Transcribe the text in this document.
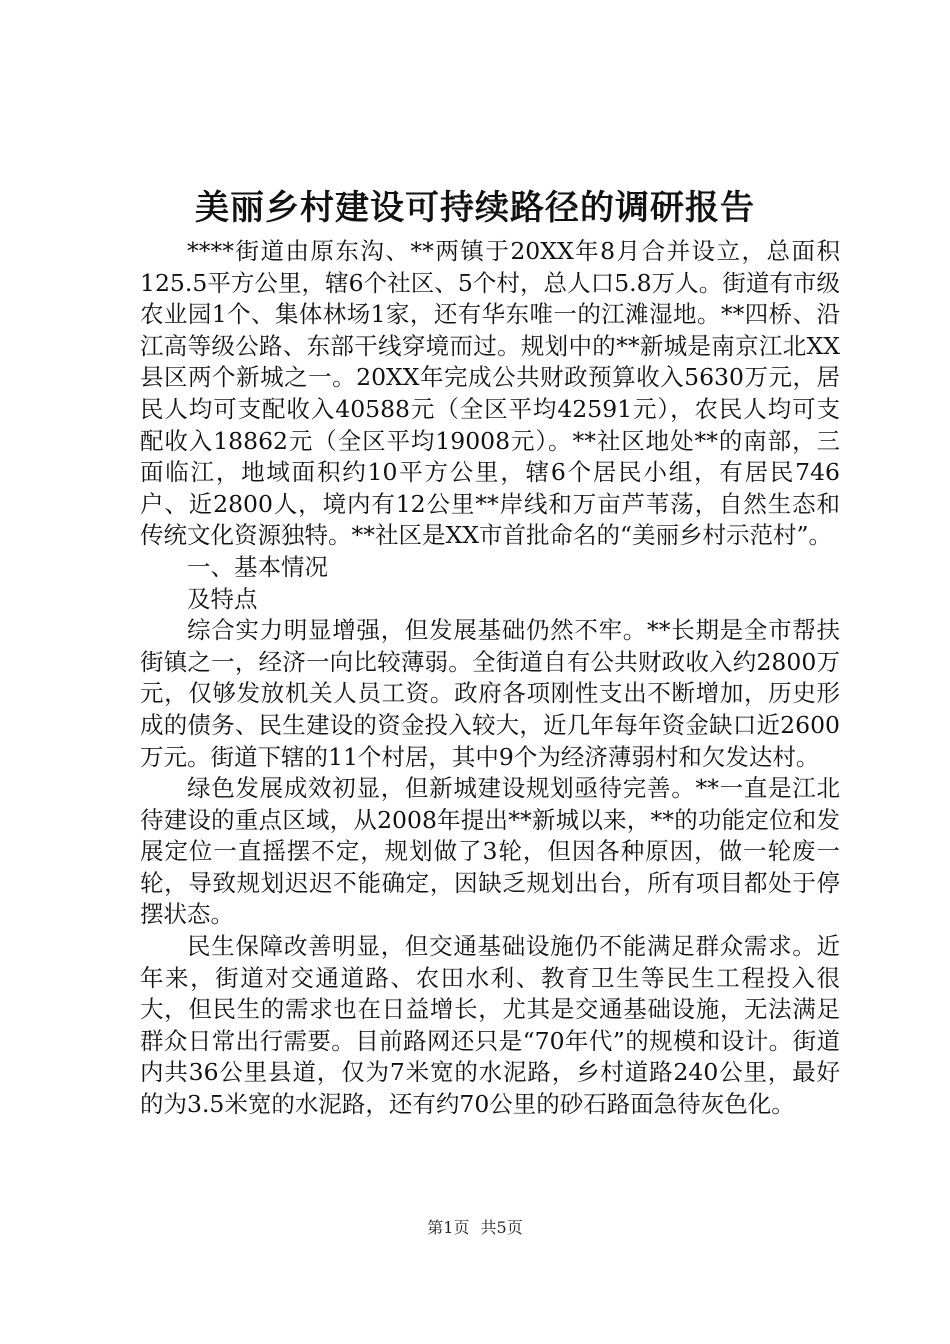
美丽乡村建设可持续路径的调研报告

****街道由原东沟、**两镇于20XX年8月合并设立，总面积125.5平方公里，辖6个社区、5个村，总人口5.8万人。街道有市级农业园1个、集体林场1家，还有华东唯一的江滩湿地。**四桥、沿江高等级公路、东部干线穿境而过。规划中的**新城是南京江北XX县区两个新城之一。20XX年完成公共财政预算收入5630万元，居民人均可支配收入40588元（全区平均42591元），农民人均可支配收入18862元（全区平均19008元）。**社区地处**的南部，三面临江，地域面积约10平方公里，辖6个居民小组，有居民746户、近2800人，境内有12公里**岸线和万亩芦苇荡，自然生态和传统文化资源独特。**社区是XX市首批命名的“美丽乡村示范村”。

一、基本情况

及特点

综合实力明显增强，但发展基础仍然不牢。**长期是全市帮扶街镇之一，经济一向比较薄弱。全街道自有公共财政收入约2800万元，仅够发放机关人员工资。政府各项刚性支出不断增加，历史形成的债务、民生建设的资金投入较大，近几年每年资金缺口近2600万元。街道下辖的11个村居，其中9个为经济薄弱村和欠发达村。

绿色发展成效初显，但新城建设规划亟待完善。**一直是江北待建设的重点区域，从2008年提出**新城以来，**的功能定位和发展定位一直摇摆不定，规划做了3轮，但因各种原因，做一轮废一轮，导致规划迟迟不能确定，因缺乏规划出台，所有项目都处于停摆状态。

民生保障改善明显，但交通基础设施仍不能满足群众需求。近年来，街道对交通道路、农田水利、教育卫生等民生工程投入很大，但民生的需求也在日益增长，尤其是交通基础设施，无法满足群众日常出行需要。目前路网还只是“70年代”的规模和设计。街道内共36公里县道，仅为7米宽的水泥路，乡村道路240公里，最好的为3.5米宽的水泥路，还有约70公里的砂石路面急待灰色化。

第1页 共5页
